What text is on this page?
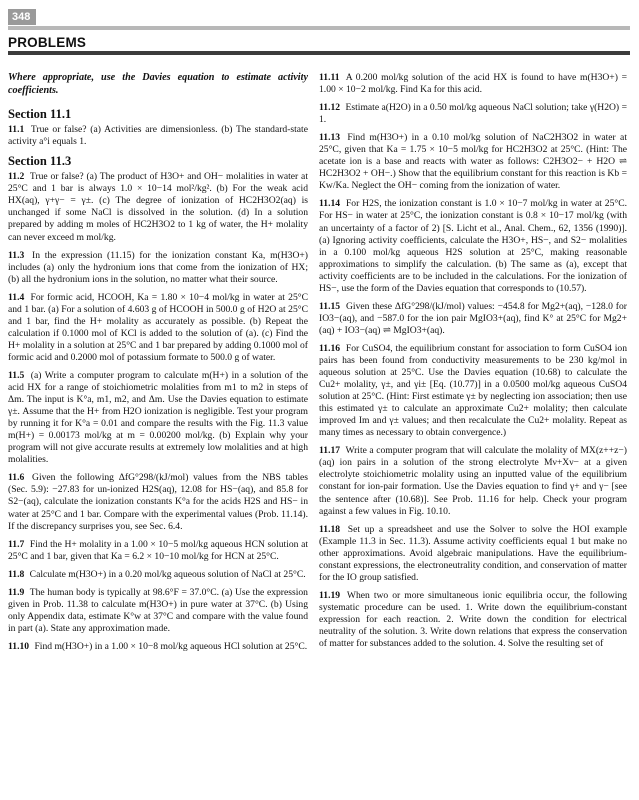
348
PROBLEMS
Where appropriate, use the Davies equation to estimate activity coefficients.
Section 11.1

11.1 True or false? (a) Activities are dimensionless. (b) The standard-state activity a°i equals 1.

Section 11.3

11.2 True or false? (a) The product of H3O+ and OH− molalities in water at 25°C and 1 bar is always 1.0 × 10−14 mol²/kg². (b) For the weak acid HX(aq), γ+γ− = γ±. (c) The degree of ionization of HC2H3O2(aq) is unchanged if some NaCl is dissolved in the solution. (d) In a solution prepared by adding m moles of HC2H3O2 to 1 kg of water, the H+ molality can never exceed m mol/kg.

11.3 In the expression (11.15) for the ionization constant Ka, m(H3O+) includes (a) only the hydronium ions that come from the ionization of HX; (b) all the hydronium ions in the solution, no matter what their source.

11.4 For formic acid, HCOOH, Ka = 1.80 × 10−4 mol/kg in water at 25°C and 1 bar. (a) For a solution of 4.603 g of HCOOH in 500.0 g of H2O at 25°C and 1 bar, find the H+ molality as accurately as possible. (b) Repeat the calculation if 0.1000 mol of KCl is added to the solution of (a). (c) Find the H+ molality in a solution at 25°C and 1 bar prepared by adding 0.1000 mol of formic acid and 0.2000 mol of potassium formate to 500.0 g of water.

11.5 (a) Write a computer program to calculate m(H+) in a solution of the acid HX for a range of stoichiometric molalities from m1 to m2 in steps of Δm. The input is K°a, m1, m2, and Δm. Use the Davies equation to estimate γ±. Assume that the H+ from H2O ionization is negligible. Test your program by running it for K°a = 0.01 and compare the results with the Fig. 11.3 value m(H+) = 0.00173 mol/kg at m = 0.00200 mol/kg. (b) Explain why your program will not give accurate results at extremely low molalities and at high molalities.

11.6 Given the following ΔfG°298/(kJ/mol) values from the NBS tables (Sec. 5.9): −27.83 for un-ionized H2S(aq), 12.08 for HS−(aq), and 85.8 for S2−(aq), calculate the ionization constants K°a for the acids H2S and HS− in water at 25°C and 1 bar. Compare with the experimental values (Prob. 11.14). If the discrepancy surprises you, see Sec. 6.4.

11.7 Find the H+ molality in a 1.00 × 10−5 mol/kg aqueous HCN solution at 25°C and 1 bar, given that Ka = 6.2 × 10−10 mol/kg for HCN at 25°C.

11.8 Calculate m(H3O+) in a 0.20 mol/kg aqueous solution of NaCl at 25°C.

11.9 The human body is typically at 98.6°F = 37.0°C. (a) Use the expression given in Prob. 11.38 to calculate m(H3O+) in pure water at 37°C. (b) Using only Appendix data, estimate K°w at 37°C and compare with the value found in part (a). State any approximation made.

11.10 Find m(H3O+) in a 1.00 × 10−8 mol/kg aqueous HCl solution at 25°C.

11.11 A 0.200 mol/kg solution of the acid HX is found to have m(H3O+) = 1.00 × 10−2 mol/kg. Find Ka for this acid.

11.12 Estimate a(H2O) in a 0.50 mol/kg aqueous NaCl solution; take γ(H2O) = 1.

11.13 Find m(H3O+) in a 0.10 mol/kg solution of NaC2H3O2 in water at 25°C, given that Ka = 1.75 × 10−5 mol/kg for HC2H3O2 at 25°C. (Hint: The acetate ion is a base and reacts with water as follows: C2H3O2− + H2O ⇌ HC2H3O2 + OH−.) Show that the equilibrium constant for this reaction is Kb = Kw/Ka. Neglect the OH− coming from the ionization of water.

11.14 For H2S, the ionization constant is 1.0 × 10−7 mol/kg in water at 25°C. For HS− in water at 25°C, the ionization constant is 0.8 × 10−17 mol/kg (with an uncertainty of a factor of 2) [S. Licht et al., Anal. Chem., 62, 1356 (1990)]. (a) Ignoring activity coefficients, calculate the H3O+, HS−, and S2− molalities in a 0.100 mol/kg aqueous H2S solution at 25°C, making reasonable approximations to simplify the calculation. (b) The same as (a), except that activity coefficients are to be included in the calculations. For the ionization of HS−, use the form of the Davies equation that corresponds to (10.57).

11.15 Given these ΔfG°298/(kJ/mol) values: −454.8 for Mg2+(aq), −128.0 for IO3−(aq), and −587.0 for the ion pair MgIO3+(aq), find K° at 25°C for Mg2+(aq) + IO3−(aq) ⇌ MgIO3+(aq).

11.16 For CuSO4, the equilibrium constant for association to form CuSO4 ion pairs has been found from conductivity measurements to be 230 kg/mol in aqueous solution at 25°C. Use the Davies equation (10.68) to calculate the Cu2+ molality, γ±, and γi± [Eq. (10.77)] in a 0.0500 mol/kg aqueous CuSO4 solution at 25°C. (Hint: First estimate γ± by neglecting ion association; then use this estimated γ± to calculate an approximate Cu2+ molality; then calculate improved Im and γ± values; and then recalculate the Cu2+ molality. Repeat as many times as necessary to obtain convergence.)

11.17 Write a computer program that will calculate the molality of MX(z++z−)(aq) ion pairs in a solution of the strong electrolyte Mν+Xν− at a given electrolyte stoichiometric molality using an inputted value of the equilibrium constant for ion-pair formation. Use the Davies equation to find γ+ and γ− [see the sentence after (10.68)]. See Prob. 11.16 for help. Check your program against a few values in Fig. 10.10.

11.18 Set up a spreadsheet and use the Solver to solve the HOI example (Example 11.3 in Sec. 11.3). Assume activity coefficients equal 1 but make no other approximations. Avoid algebraic manipulations. Have the equilibrium-constant expressions, the electroneutrality condition, and conservation of matter for the IO group satisfied.

11.19 When two or more simultaneous ionic equilibria occur, the following systematic procedure can be used. 1. Write down the equilibrium-constant expression for each reaction. 2. Write down the condition for electrical neutrality of the solution. 3. Write down relations that express the conservation of matter for substances added to the solution. 4. Solve the resulting set of
